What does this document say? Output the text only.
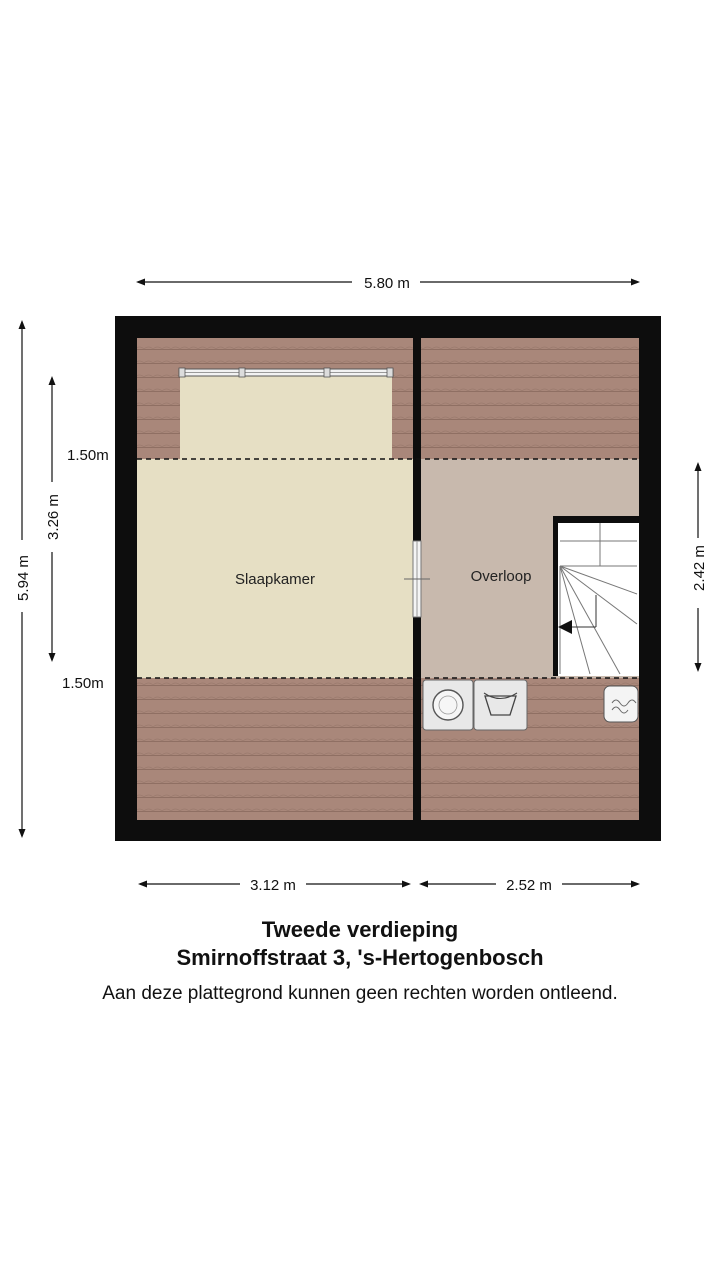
Slaapkamer	Overloop
5.80 m
5.94 m
3.26 m
1.50m
1.50m
2.42 m
3.12 m	2.52 m
Tweede verdieping
Smirnoffstraat 3, 's-Hertogenbosch
Aan deze plattegrond kunnen geen rechten worden ontleend.
